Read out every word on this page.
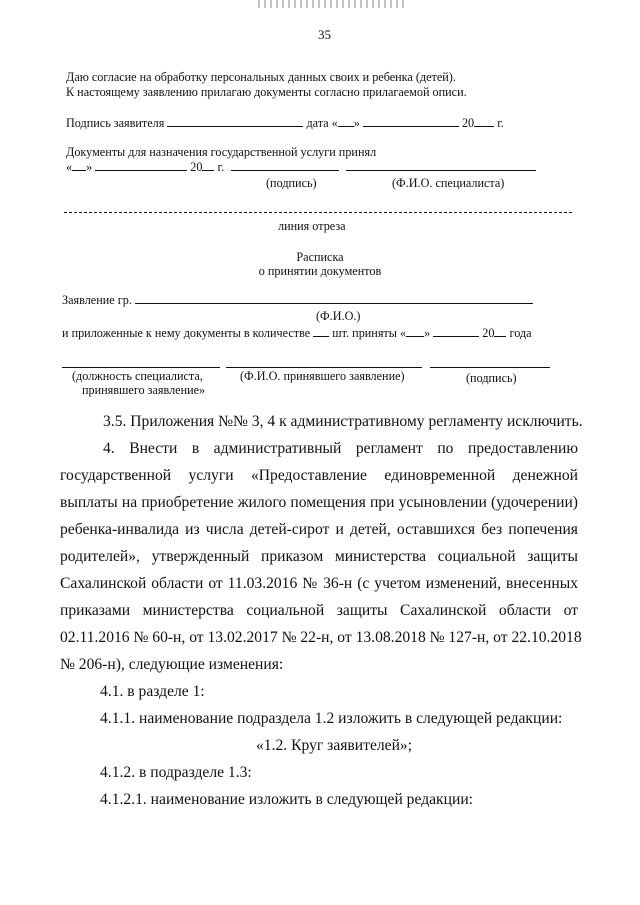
35
Даю согласие на обработку персональных данных своих и ребенка (детей).
К настоящему заявлению прилагаю документы согласно прилагаемой описи.
Подпись заявителя	дата « »	20 г.
Документы для назначения государственной услуги принял
« »	20 г.
(подпись)	(Ф.И.О. специалиста)
линия отреза
Расписка
о принятии документов
Заявление гр.
(Ф.И.О.)
и приложенные к нему документы в количестве шт. приняты « »	20 года
(должность специалиста,
принявшего заявление»
(Ф.И.О. принявшего заявление)	(подпись)
3.5. Приложения №№ 3, 4 к административному регламенту исключить.
4. Внести в административный регламент по предоставлению
государственной услуги «Предоставление единовременной денежной
выплаты на приобретение жилого помещения при усыновлении (удочерении)
ребенка-инвалида из числа детей-сирот и детей, оставшихся без попечения
родителей», утвержденный приказом министерства социальной защиты
Сахалинской области от 11.03.2016 № 36-н (с учетом изменений, внесенных
приказами министерства социальной защиты Сахалинской области от
02.11.2016 № 60-н, от 13.02.2017 № 22-н, от 13.08.2018 № 127-н, от 22.10.2018
№ 206-н), следующие изменения:
4.1. в разделе 1:
4.1.1. наименование подраздела 1.2 изложить в следующей редакции:
«1.2. Круг заявителей»;
4.1.2. в подразделе 1.3:
4.1.2.1. наименование изложить в следующей редакции:
